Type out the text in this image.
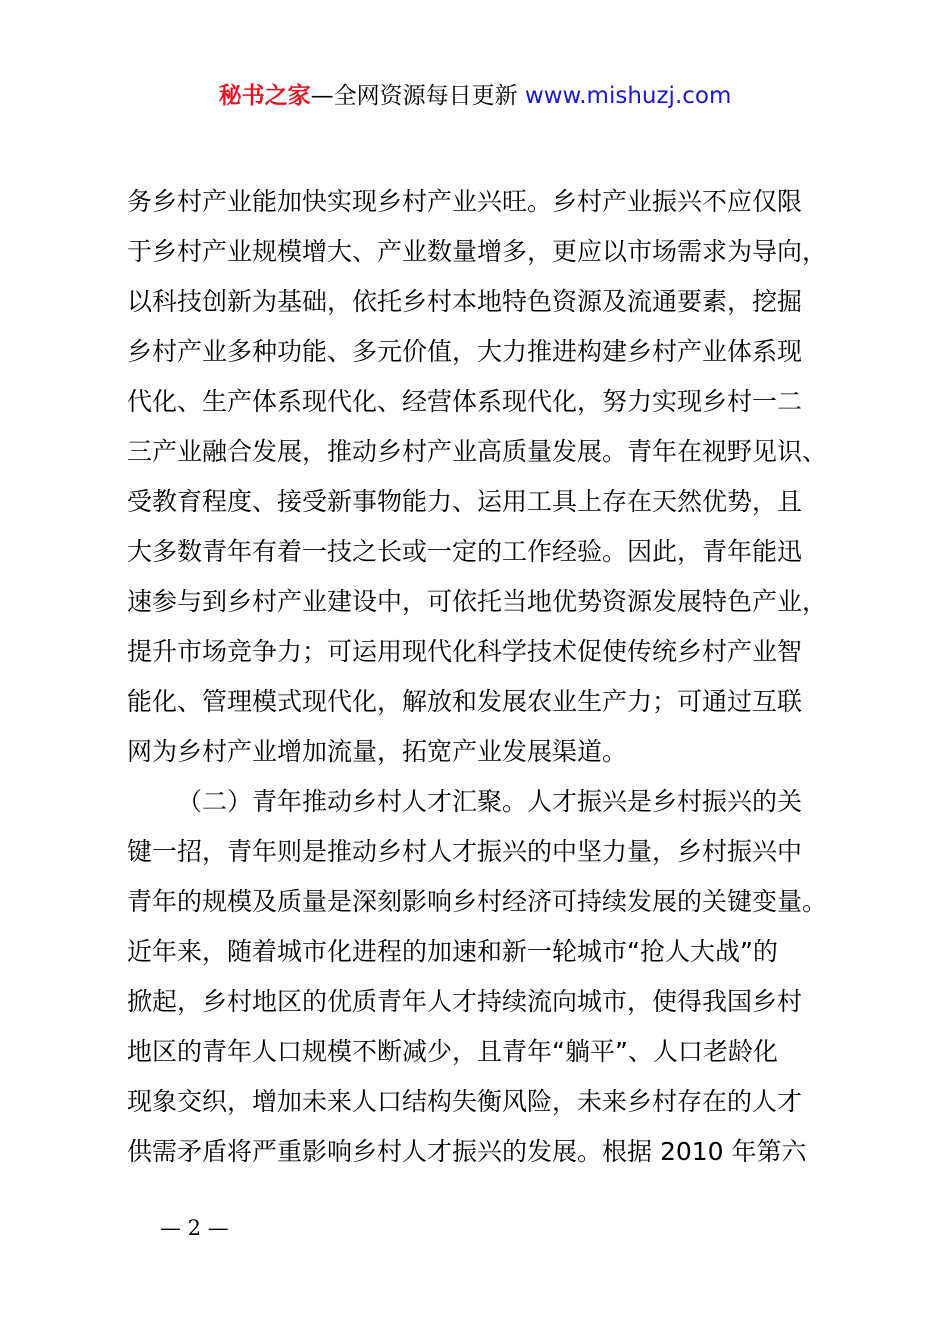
秘书之家—全网资源每日更新 www.mishuzj.com
务乡村产业能加快实现乡村产业兴旺。乡村产业振兴不应仅限
于乡村产业规模增大、产业数量增多，更应以市场需求为导向，
以科技创新为基础，依托乡村本地特色资源及流通要素，挖掘
乡村产业多种功能、多元价值，大力推进构建乡村产业体系现
代化、生产体系现代化、经营体系现代化，努力实现乡村一二
三产业融合发展，推动乡村产业高质量发展。青年在视野见识、
受教育程度、接受新事物能力、运用工具上存在天然优势，且
大多数青年有着一技之长或一定的工作经验。因此，青年能迅
速参与到乡村产业建设中，可依托当地优势资源发展特色产业，
提升市场竞争力；可运用现代化科学技术促使传统乡村产业智
能化、管理模式现代化，解放和发展农业生产力；可通过互联
网为乡村产业增加流量，拓宽产业发展渠道。
（二）青年推动乡村人才汇聚。人才振兴是乡村振兴的关
键一招，青年则是推动乡村人才振兴的中坚力量，乡村振兴中
青年的规模及质量是深刻影响乡村经济可持续发展的关键变量。
近年来，随着城市化进程的加速和新一轮城市“抢人大战”的
掀起，乡村地区的优质青年人才持续流向城市，使得我国乡村
地区的青年人口规模不断减少，且青年“躺平”、人口老龄化
现象交织，增加未来人口结构失衡风险，未来乡村存在的人才
供需矛盾将严重影响乡村人才振兴的发展。根据 2010 年第六
— 2 —
